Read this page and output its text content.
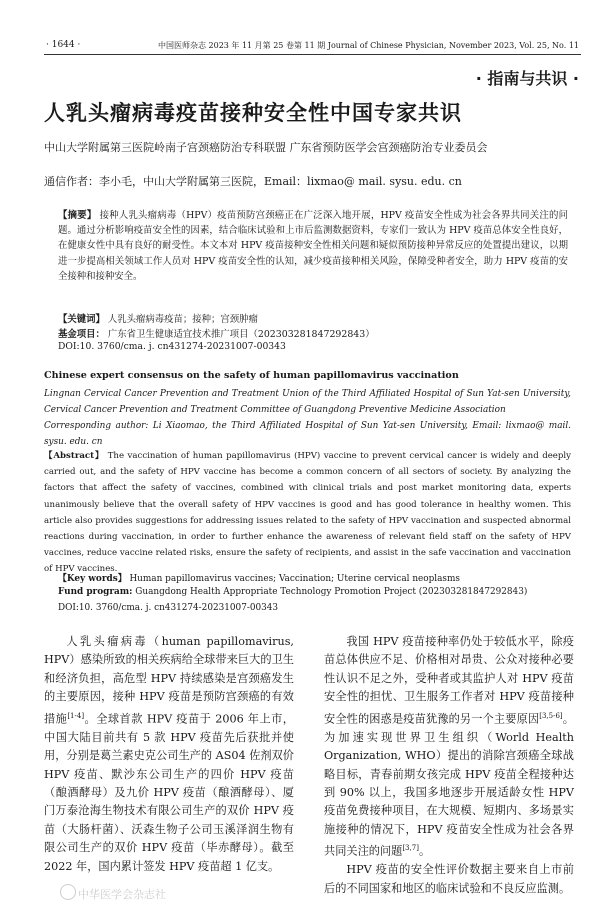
· 1644 ·	中国医师杂志 2023 年 11 月第 25 卷第 11 期 Journal of Chinese Physician, November 2023, Vol. 25, No. 11
· 指南与共识 ·
人乳头瘤病毒疫苗接种安全性中国专家共识
中山大学附属第三医院岭南子宫颈癌防治专科联盟 广东省预防医学会宫颈癌防治专业委员会
通信作者：李小毛，中山大学附属第三医院，Email：lixmao@ mail. sysu. edu. cn
【摘要】 接种人乳头瘤病毒（HPV）疫苗预防宫颈癌正在广泛深入地开展，HPV 疫苗安全性成为社会各界共同关注的问题。通过分析影响疫苗安全性的因素，结合临床试验和上市后监测数据资料，专家们一致认为 HPV 疫苗总体安全性良好，在健康女性中具有良好的耐受性。本文本对 HPV 疫苗接种安全性相关问题和疑似预防接种异常反应的处置提出建议，以期进一步提高相关领域工作人员对 HPV 疫苗安全性的认知，减少疫苗接种相关风险，保障受种者安全，助力 HPV 疫苗的安全接种和接种安全。
【关键词】 人乳头瘤病毒疫苗；接种；宫颈肿瘤
基金项目： 广东省卫生健康适宜技术推广项目（20230328184729​2843）
DOI:10. 3760/cma. j. cn431274-20231007-00343
Chinese expert consensus on the safety of human papillomavirus vaccination
Lingnan Cervical Cancer Prevention and Treatment Union of the Third Affiliated Hospital of Sun Yat-sen University, Cervical Cancer Prevention and Treatment Committee of Guangdong Preventive Medicine Association
Corresponding author: Li Xiaomao, the Third Affiliated Hospital of Sun Yat-sen University, Email: lixmao@ mail. sysu. edu. cn
【Abstract】 The vaccination of human papillomavirus (HPV) vaccine to prevent cervical cancer is widely and deeply carried out, and the safety of HPV vaccine has become a common concern of all sectors of society. By analyzing the factors that affect the safety of vaccines, combined with clinical trials and post market monitoring data, experts unanimously believe that the overall safety of HPV vaccines is good and has good tolerance in healthy women. This article also provides suggestions for addressing issues related to the safety of HPV vaccination and suspected abnormal reactions during vaccination, in order to further enhance the awareness of relevant field staff on the safety of HPV vaccines, reduce vaccine related risks, ensure the safety of recipients, and assist in the safe vaccination and vaccination of HPV vaccines.
【Key words】 Human papillomavirus vaccines; Vaccination; Uterine cervical neoplasms
Fund program: Guangdong Health Appropriate Technology Promotion Project (202303281847292843)
DOI:10. 3760/cma. j. cn431274-20231007-00343

人乳头瘤病毒（human papillomavirus, HPV）感染所致的相关疾病给全球带来巨大的卫生和经济负担，高危型 HPV 持续感染是宫颈癌发生的主要原因，接种 HPV 疫苗是预防宫颈癌的有效措施[1-4]。全球首款 HPV 疫苗于 2006 年上市，中国大陆目前共有 5 款 HPV 疫苗先后获批并使用，分别是葛兰素史克公司生产的 AS04 佐剂双价 HPV 疫苗、默沙东公司生产的四价 HPV 疫苗（酿酒酵母）及九价 HPV 疫苗（酿酒酵母）、厦门万泰沧海生物技术有限公司生产的双价 HPV 疫苗（大肠杆菌）、沃森生物子公司玉溪泽润生物有限公司生产的双价 HPV 疫苗（毕赤酵母）。截至 2022 年，国内累计签发 HPV 疫苗超 1 亿支。

我国 HPV 疫苗接种率仍处于较低水平，除疫苗总体供应不足、价格相对昂贵、公众对接种必要性认识不足之外，受种者或其监护人对 HPV 疫苗安全性的担忧、卫生服务工作者对 HPV 疫苗接种安全性的困惑是疫苗犹豫的另一个主要原因[3,5-6]。为加速实现世界卫生组织（World Health Organization, WHO）提出的消除宫颈癌全球战略目标，青春前期女孩完成 HPV 疫苗全程接种达到 90% 以上，我国多地逐步开展适龄女性 HPV 疫苗免费接种项目，在大规模、短期内、多场景实施接种的情况下，HPV 疫苗安全性成为社会各界共同关注的问题[3,7]。

HPV 疫苗的安全性评价数据主要来自上市前后的不同国家和地区的临床试验和不良反应监测。

中华医学会杂志社
